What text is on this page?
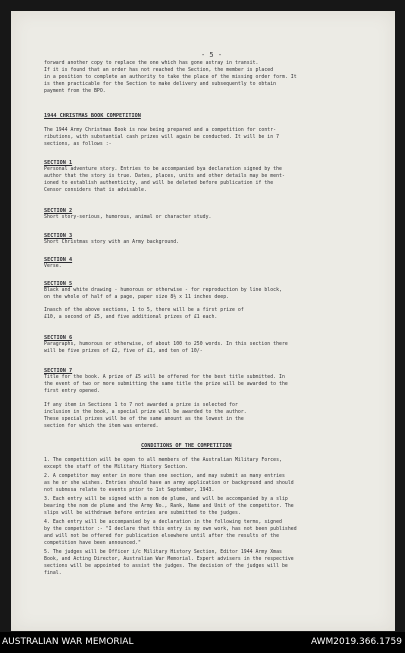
- 5 -
forward another copy to replace the one which has gone astray in transit.
If it is found that an order has not reached the Section, the member is placed
in a position to complete an authority to take the place of the missing order form. It
is then practicable for the Section to make delivery and subsequently to obtain
payment from the BPO.
1944 CHRISTMAS BOOK COMPETITION
The 1944 Army Christmas Book is now being prepared and a competition for contr-
ributions, with substantial cash prizes will again be conducted. It will be in 7
sections, as follows :-
SECTION 1
Personal adventure story. Entries to be accompanied bya declaration signed by the
author that the story is true. Dates, places, units and other details may be ment-
ioned to establish authenticity, and will be deleted before publication if the
Censor considers that is advisable.
SECTION 2
Short story-serious, humorous, animal or character study.
SECTION 3
Short Christmas story with an Army background.
SECTION 4
Verse.
SECTION 5
Black and white drawing - humorous or otherwise - for reproduction by line block,
on the whole of half of a page, paper size 8½ x 11 inches deep.
Inasch of the above sections, 1 to 5, there will be a first prize of
£10, a second of £5, and five additional prizes of £1 each.
SECTION 6
Paragraphs, humorous or otherwise, of about 100 to 250 words. In this section there
will be five prizes of £2, five of £1, and ten of 10/-
SECTION 7
Title for the book. A prize of £5 will be offered for the best title submitted. In
the event of two or more submitting the same title the prize will be awarded to the
first entry opened.
If any item in Sections 1 to 7 not awarded a prize is selected for
inclusion in the book, a special prize will be awarded to the author.
These special prizes will be of the same amount as the lowest in the
section for which the item was entered.
CONDITIONS OF THE COMPETITION
1. The competition will be open to all members of the Australian Military Forces,
except the staff of the Military History Section.
2. A competitor may enter in more than one section, and may submit as many entries
as he or she wishes. Entries should have an army application or background and should
not submssa relate to events prior to 1st September, 1943.
3. Each entry will be signed with a nom de plume, and will be accompanied by a slip
bearing the nom de plume and the Army No., Rank, Name and Unit of the competitor. The
slips will be withdrawn before entries are submitted to the judges.
4. Each entry will be accompanied by a declaration in the following terms, signed
by the competitor :- "I declare that this entry is my own work, has not been published
and will not be offered for publication elsewhere until after the results of the
competition have been announced."
5. The judges will be Officer i/c Military History Section, Editor 1944 Army Xmas
Book, and Acting Director, Australian War Memorial. Expert advisers in the respective
sections will be appointed to assist the judges. The decision of the judges will be
final.
AUSTRALIAN WAR MEMORIAL	AWM2019.366.1759
